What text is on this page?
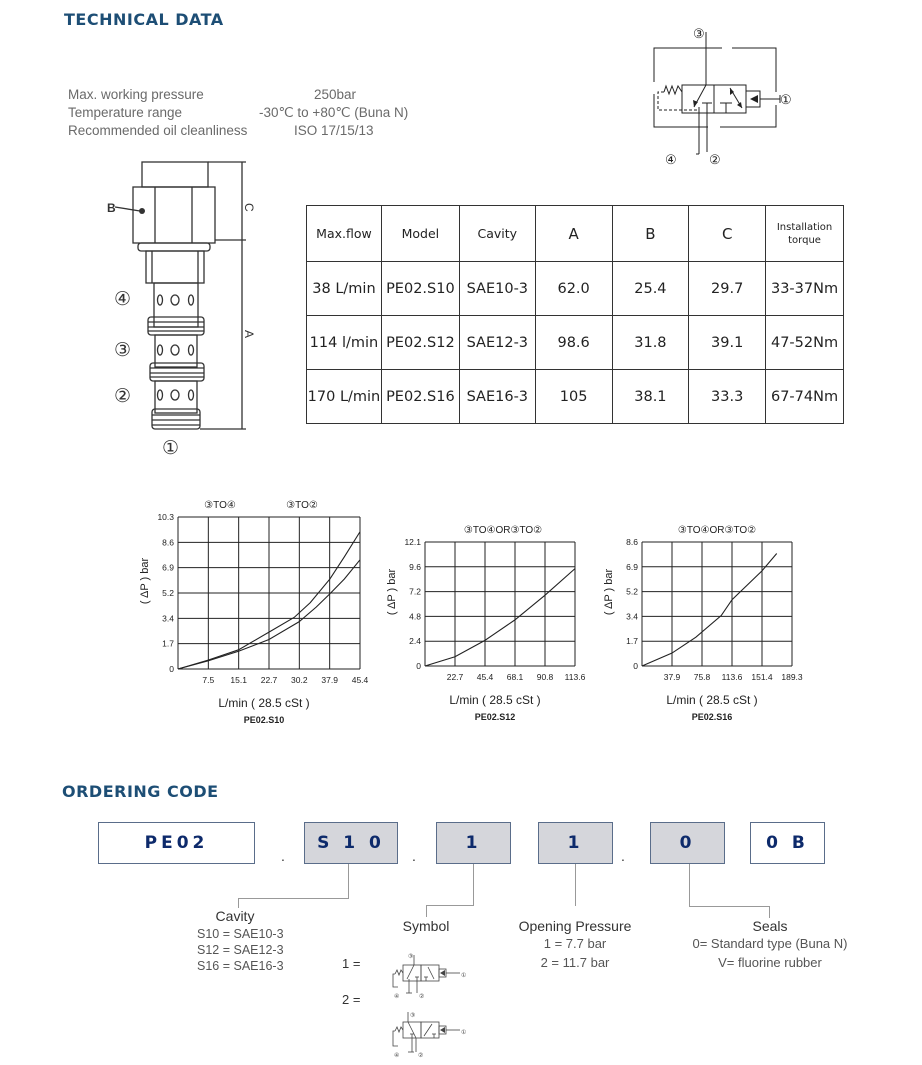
TECHNICAL DATA
Max. working pressure	250bar
Temperature range	-30℃ to +80℃ (Buna N)
Recommended oil cleanliness	ISO 17/15/13
③
①
④ ②
B	C
A
④
③
②
①
Max.flow	Model	Cavity	A	B	C	Installation torque
38 L/min	PE02.S10	SAE10-3	62.0	25.4	29.7	33-37Nm
114 l/min	PE02.S12	SAE12-3	98.6	31.8	39.1	47-52Nm
170 L/min	PE02.S16	SAE16-3	105	38.1	33.3	67-74Nm
7.5 15.1 22.7 30.2 37.9 45.4
0
1.7
3.4
5.2
6.9
8.6
10.3
③TO④	③TO②
( ΔP ) bar
L/min ( 28.5 cSt )
PE02.S10
22.7 45.4 68.1 90.8 113.6
0
2.4
4.8
7.2
9.6
12.1
③TO④OR③TO②
( ΔP ) bar
L/min ( 28.5 cSt )
PE02.S12
37.9 75.8 113.6 151.4 189.3
0
1.7
3.4
5.2
6.9
8.6
③TO④OR③TO②
( ΔP ) bar
L/min ( 28.5 cSt )
PE02.S16
ORDERING CODE
PE02
.
S 1 0
.
1	1
.
0	0 B
Cavity
S10 = SAE10-3
S12 = SAE12-3
S16 = SAE16-3
Symbol
1 =
2 =
③
①
④	②
③
①
④	②
Opening Pressure
1 = 7.7 bar
2 = 11.7 bar
Seals
0= Standard type (Buna N)
V= fluorine rubber
